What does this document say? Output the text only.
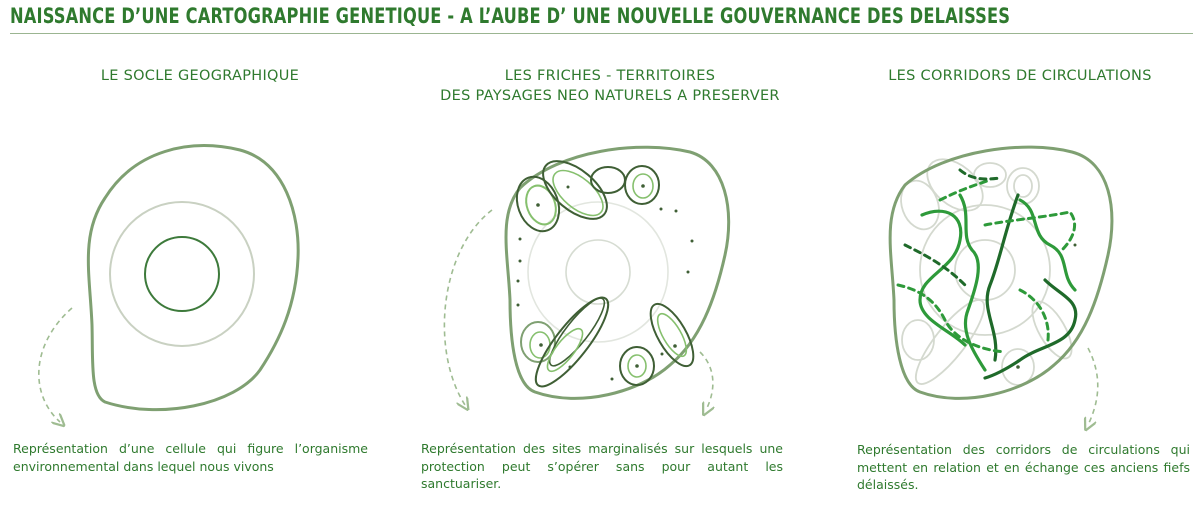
NAISSANCE D’UNE CARTOGRAPHIE GENETIQUE - A L’AUBE D’ UNE NOUVELLE GOUVERNANCE DES DELAISSES
LE SOCLE GEOGRAPHIQUE	LES FRICHES - TERRITOIRES
DES PAYSAGES NEO NATURELS A PRESERVER
LES CORRIDORS DE CIRCULATIONS
Représentation d’une cellule qui figure l’organisme environnemental dans lequel nous vivons
Représentation des sites marginalisés sur lesquels une protection peut s’opérer sans pour autant les sanctuariser.
Représentation des corridors de circulations qui mettent en relation et en échange ces anciens fiefs délaissés.
